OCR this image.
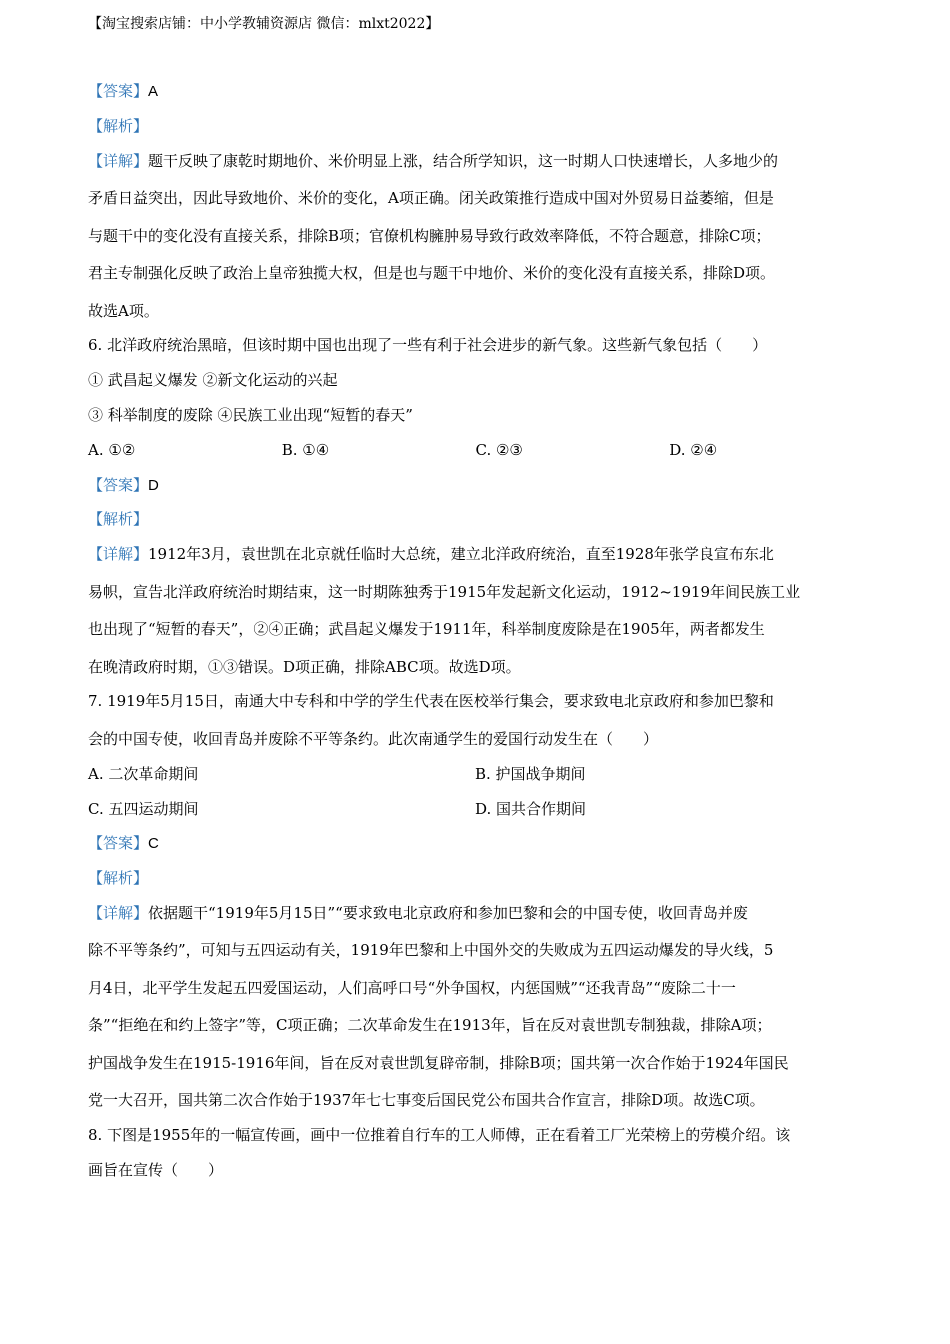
【淘宝搜索店铺：中小学教辅资源店 微信：mlxt2022】
【答案】A
【解析】
【详解】题干反映了康乾时期地价、米价明显上涨，结合所学知识，这一时期人口快速增长，人多地少的
矛盾日益突出，因此导致地价、米价的变化，A项正确。闭关政策推行造成中国对外贸易日益萎缩，但是
与题干中的变化没有直接关系，排除B项；官僚机构臃肿易导致行政效率降低，不符合题意，排除C项；
君主专制强化反映了政治上皇帝独揽大权，但是也与题干中地价、米价的变化没有直接关系，排除D项。
故选A项。
6. 北洋政府统治黑暗，但该时期中国也出现了一些有利于社会进步的新气象。这些新气象包括（　　）
① 武昌起义爆发 ②新文化运动的兴起
③ 科举制度的废除 ④民族工业出现“短暂的春天”
A. ①②	B. ①④	C. ②③	D. ②④
【答案】D
【解析】
【详解】1912年3月，袁世凯在北京就任临时大总统，建立北洋政府统治，直至1928年张学良宣布东北
易帜，宣告北洋政府统治时期结束，这一时期陈独秀于1915年发起新文化运动，1912~1919年间民族工业
也出现了“短暂的春天”，②④正确；武昌起义爆发于1911年，科举制度废除是在1905年，两者都发生
在晚清政府时期，①③错误。D项正确，排除ABC项。故选D项。
7. 1919年5月15日，南通大中专科和中学的学生代表在医校举行集会，要求致电北京政府和参加巴黎和
会的中国专使，收回青岛并废除不平等条约。此次南通学生的爱国行动发生在（　　）
A. 二次革命期间	B. 护国战争期间
C. 五四运动期间	D. 国共合作期间
【答案】C
【解析】
【详解】依据题干“1919年5月15日”“要求致电北京政府和参加巴黎和会的中国专使，收回青岛并废
除不平等条约”，可知与五四运动有关，1919年巴黎和上中国外交的失败成为五四运动爆发的导火线，5
月4日，北平学生发起五四爱国运动，人们高呼口号“外争国权，内惩国贼”“还我青岛”“废除二十一
条”“拒绝在和约上签字”等，C项正确；二次革命发生在1913年，旨在反对袁世凯专制独裁，排除A项；
护国战争发生在1915-1916年间，旨在反对袁世凯复辟帝制，排除B项；国共第一次合作始于1924年国民
党一大召开，国共第二次合作始于1937年七七事变后国民党公布国共合作宣言，排除D项。故选C项。
8. 下图是1955年的一幅宣传画，画中一位推着自行车的工人师傅，正在看着工厂光荣榜上的劳模介绍。该
画旨在宣传（　　）
